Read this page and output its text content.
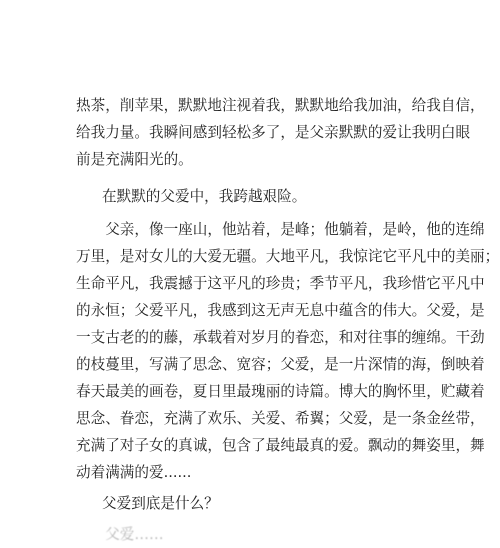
热茶，削苹果，默默地注视着我，默默地给我加油，给我自信，
给我力量。我瞬间感到轻松多了，是父亲默默的爱让我明白眼
前是充满阳光的。

在默默的父爱中，我跨越艰险。

　　父亲，像一座山，他站着，是峰；他躺着，是岭，他的连绵
万里，是对女儿的大爱无疆。大地平凡，我惊诧它平凡中的美丽；
生命平凡，我震撼于这平凡的珍贵；季节平凡，我珍惜它平凡中
的永恒；父爱平凡，我感到这无声无息中蕴含的伟大。父爱，是
一支古老的的藤，承载着对岁月的眷恋，和对往事的缠绵。干劲
的枝蔓里，写满了思念、宽容；父爱，是一片深情的海，倒映着
春天最美的画卷，夏日里最瑰丽的诗篇。博大的胸怀里，贮藏着
思念、眷恋，充满了欢乐、关爱、希翼；父爱，是一条金丝带，
充满了对子女的真诚，包含了最纯最真的爱。飘动的舞姿里，舞
动着满满的爱......

父爱到底是什么？

　　父爱……
